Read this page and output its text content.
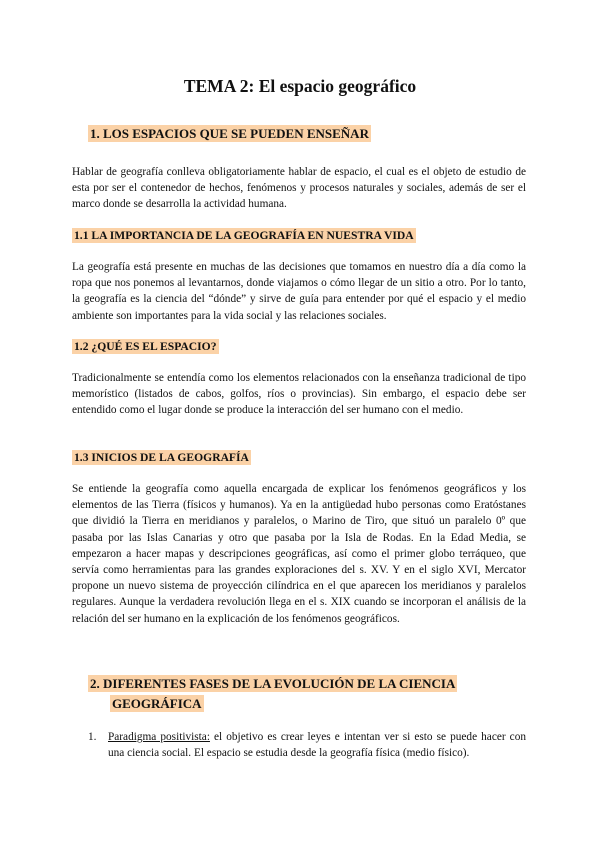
TEMA 2: El espacio geográfico
1. LOS ESPACIOS QUE SE PUEDEN ENSEÑAR
Hablar de geografía conlleva obligatoriamente hablar de espacio, el cual es el objeto de estudio de esta por ser el contenedor de hechos, fenómenos y procesos naturales y sociales, además de ser el marco donde se desarrolla la actividad humana.
1.1 LA IMPORTANCIA DE LA GEOGRAFÍA EN NUESTRA VIDA
La geografía está presente en muchas de las decisiones que tomamos en nuestro día a día como la ropa que nos ponemos al levantarnos, donde viajamos o cómo llegar de un sitio a otro. Por lo tanto, la geografía es la ciencia del “dónde” y sirve de guía para entender por qué el espacio y el medio ambiente son importantes para la vida social y las relaciones sociales.
1.2 ¿QUÉ ES EL ESPACIO?
Tradicionalmente se entendía como los elementos relacionados con la enseñanza tradicional de tipo memorístico (listados de cabos, golfos, ríos o provincias). Sin embargo, el espacio debe ser entendido como el lugar donde se produce la interacción del ser humano con el medio.
1.3 INICIOS DE LA GEOGRAFÍA
Se entiende la geografía como aquella encargada de explicar los fenómenos geográficos y los elementos de las Tierra (físicos y humanos). Ya en la antigüedad hubo personas como Eratóstanes que dividió la Tierra en meridianos y paralelos, o Marino de Tiro, que situó un paralelo 0º que pasaba por las Islas Canarias y otro que pasaba por la Isla de Rodas. En la Edad Media, se empezaron a hacer mapas y descripciones geográficas, así como el primer globo terráqueo, que servía como herramientas para las grandes exploraciones del s. XV. Y en el siglo XVI, Mercator propone un nuevo sistema de proyección cilíndrica en el que aparecen los meridianos y paralelos regulares. Aunque la verdadera revolución llega en el s. XIX cuando se incorporan el análisis de la relación del ser humano en la explicación de los fenómenos geográficos.
2. DIFERENTES FASES DE LA EVOLUCIÓN DE LA CIENCIA
GEOGRÁFICA
1. Paradigma positivista: el objetivo es crear leyes e intentan ver si esto se puede hacer con una ciencia social. El espacio se estudia desde la geografía física (medio físico).
